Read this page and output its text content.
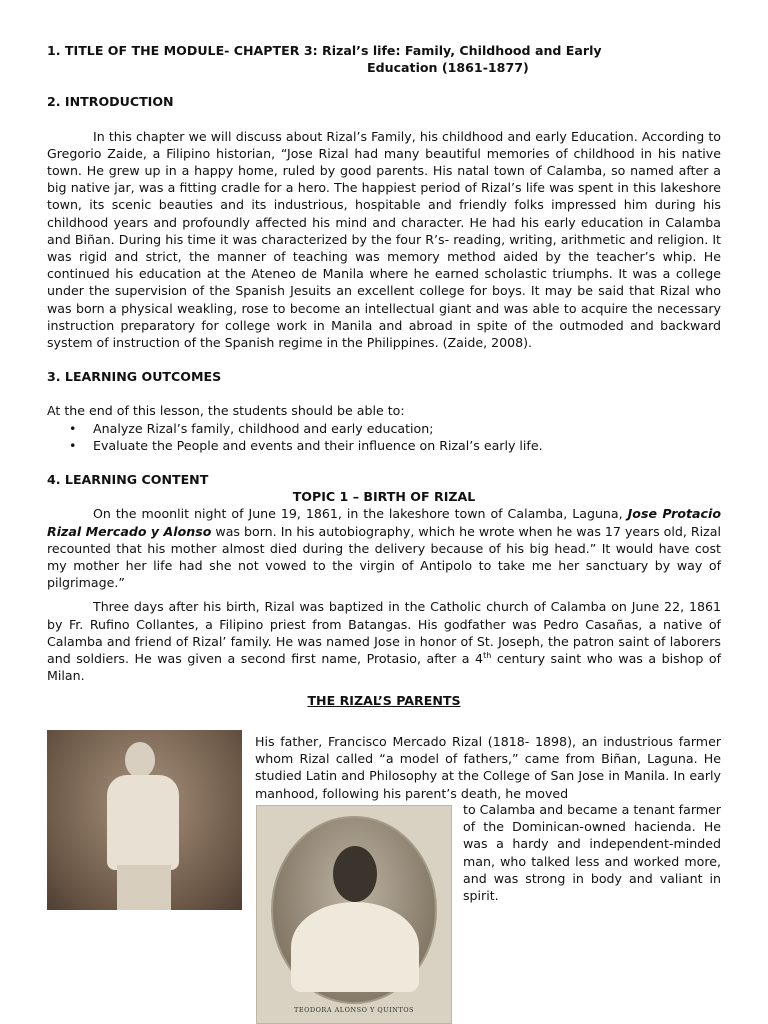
1. TITLE OF THE MODULE- CHAPTER 3: Rizal’s life: Family, Childhood and Early

Education (1861-1877)

2. INTRODUCTION

In this chapter we will discuss about Rizal’s Family, his childhood and early Education. According to Gregorio Zaide, a Filipino historian, “Jose Rizal had many beautiful memories of childhood in his native town. He grew up in a happy home, ruled by good parents. His natal town of Calamba, so named after a big native jar, was a fitting cradle for a hero. The happiest period of Rizal’s life was spent in this lakeshore town, its scenic beauties and its industrious, hospitable and friendly folks impressed him during his childhood years and profoundly affected his mind and character. He had his early education in Calamba and Biñan. During his time it was characterized by the four R’s- reading, writing, arithmetic and religion. It was rigid and strict, the manner of teaching was memory method aided by the teacher’s whip. He continued his education at the Ateneo de Manila where he earned scholastic triumphs. It was a college under the supervision of the Spanish Jesuits an excellent college for boys. It may be said that Rizal who was born a physical weakling, rose to become an intellectual giant and was able to acquire the necessary instruction preparatory for college work in Manila and abroad in spite of the outmoded and backward system of instruction of the Spanish regime in the Philippines. (Zaide, 2008).

3. LEARNING OUTCOMES

At the end of this lesson, the students should be able to:

• Analyze Rizal’s family, childhood and early education;
• Evaluate the People and events and their influence on Rizal’s early life.

4. LEARNING CONTENT

TOPIC 1 – BIRTH OF RIZAL

On the moonlit night of June 19, 1861, in the lakeshore town of Calamba, Laguna, Jose Protacio Rizal Mercado y Alonso was born. In his autobiography, which he wrote when he was 17 years old, Rizal recounted that his mother almost died during the delivery because of his big head.” It would have cost my mother her life had she not vowed to the virgin of Antipolo to take me her sanctuary by way of pilgrimage.”

Three days after his birth, Rizal was baptized in the Catholic church of Calamba on June 22, 1861 by Fr. Rufino Collantes, a Filipino priest from Batangas. His godfather was Pedro Casañas, a native of Calamba and friend of Rizal’ family. He was named Jose in honor of St. Joseph, the patron saint of laborers and soldiers. He was given a second first name, Protasio, after a 4th century saint who was a bishop of Milan.

THE RIZAL’S PARENTS

His father, Francisco Mercado Rizal (1818- 1898), an industrious farmer whom Rizal called “a model of fathers,” came from Biñan, Laguna. He studied Latin and Philosophy at the College of San Jose in Manila. In early manhood, following his parent’s death, he moved

to Calamba and became a tenant farmer of the Dominican-owned hacienda. He was a hardy and independent-minded man, who talked less and worked more, and was strong in body and valiant in spirit.

TEODORA ALONSO Y QUINTOS
